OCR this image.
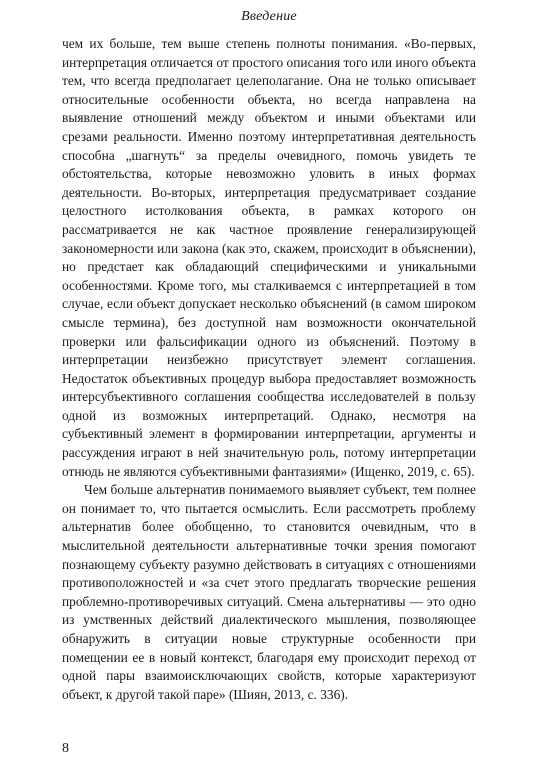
Введение

чем их больше, тем выше степень полноты понимания. «Во-первых, интерпретация отличается от простого описания того или иного объекта тем, что всегда предполагает целеполагание. Она не только описывает относительные особенности объекта, но всегда направлена на выявление отношений между объектом и иными объектами или срезами реальности. Именно поэтому интерпретативная деятельность способна „шагнуть“ за пределы очевидного, помочь увидеть те обстоятельства, которые невозможно уловить в иных формах деятельности. Во-вторых, интерпретация предусматривает создание целостного истолкования объекта, в рамках которого он рассматривается не как частное проявление генерализирующей закономерности или закона (как это, скажем, происходит в объяснении), но предстает как обладающий специфическими и уникальными особенностями. Кроме того, мы сталкиваемся с интерпретацией в том случае, если объект допускает несколько объяснений (в самом широком смысле термина), без доступной нам возможности окончательной проверки или фальсификации одного из объяснений. Поэтому в интерпретации неизбежно присутствует элемент соглашения. Недостаток объективных процедур выбора предоставляет возможность интерсубъективного соглашения сообщества исследователей в пользу одной из возможных интерпретаций. Однако, несмотря на субъективный элемент в формировании интерпретации, аргументы и рассуждения играют в ней значительную роль, потому интерпретации отнюдь не являются субъективными фантазиями» (Ищенко, 2019, с. 65).

Чем больше альтернатив понимаемого выявляет субъект, тем полнее он понимает то, что пытается осмыслить. Если рассмотреть проблему альтернатив более обобщенно, то становится очевидным, что в мыслительной деятельности альтернативные точки зрения помогают познающему субъекту разумно действовать в ситуациях с отношениями противоположностей и «за счет этого предлагать творческие решения проблемно-противоречивых ситуаций. Смена альтернативы — это одно из умственных действий диалектического мышления, позволяющее обнаружить в ситуации новые структурные особенности при помещении ее в новый контекст, благодаря ему происходит переход от одной пары взаимоисключающих свойств, которые характеризуют объект, к другой такой паре» (Шиян, 2013, с. 336).

8
